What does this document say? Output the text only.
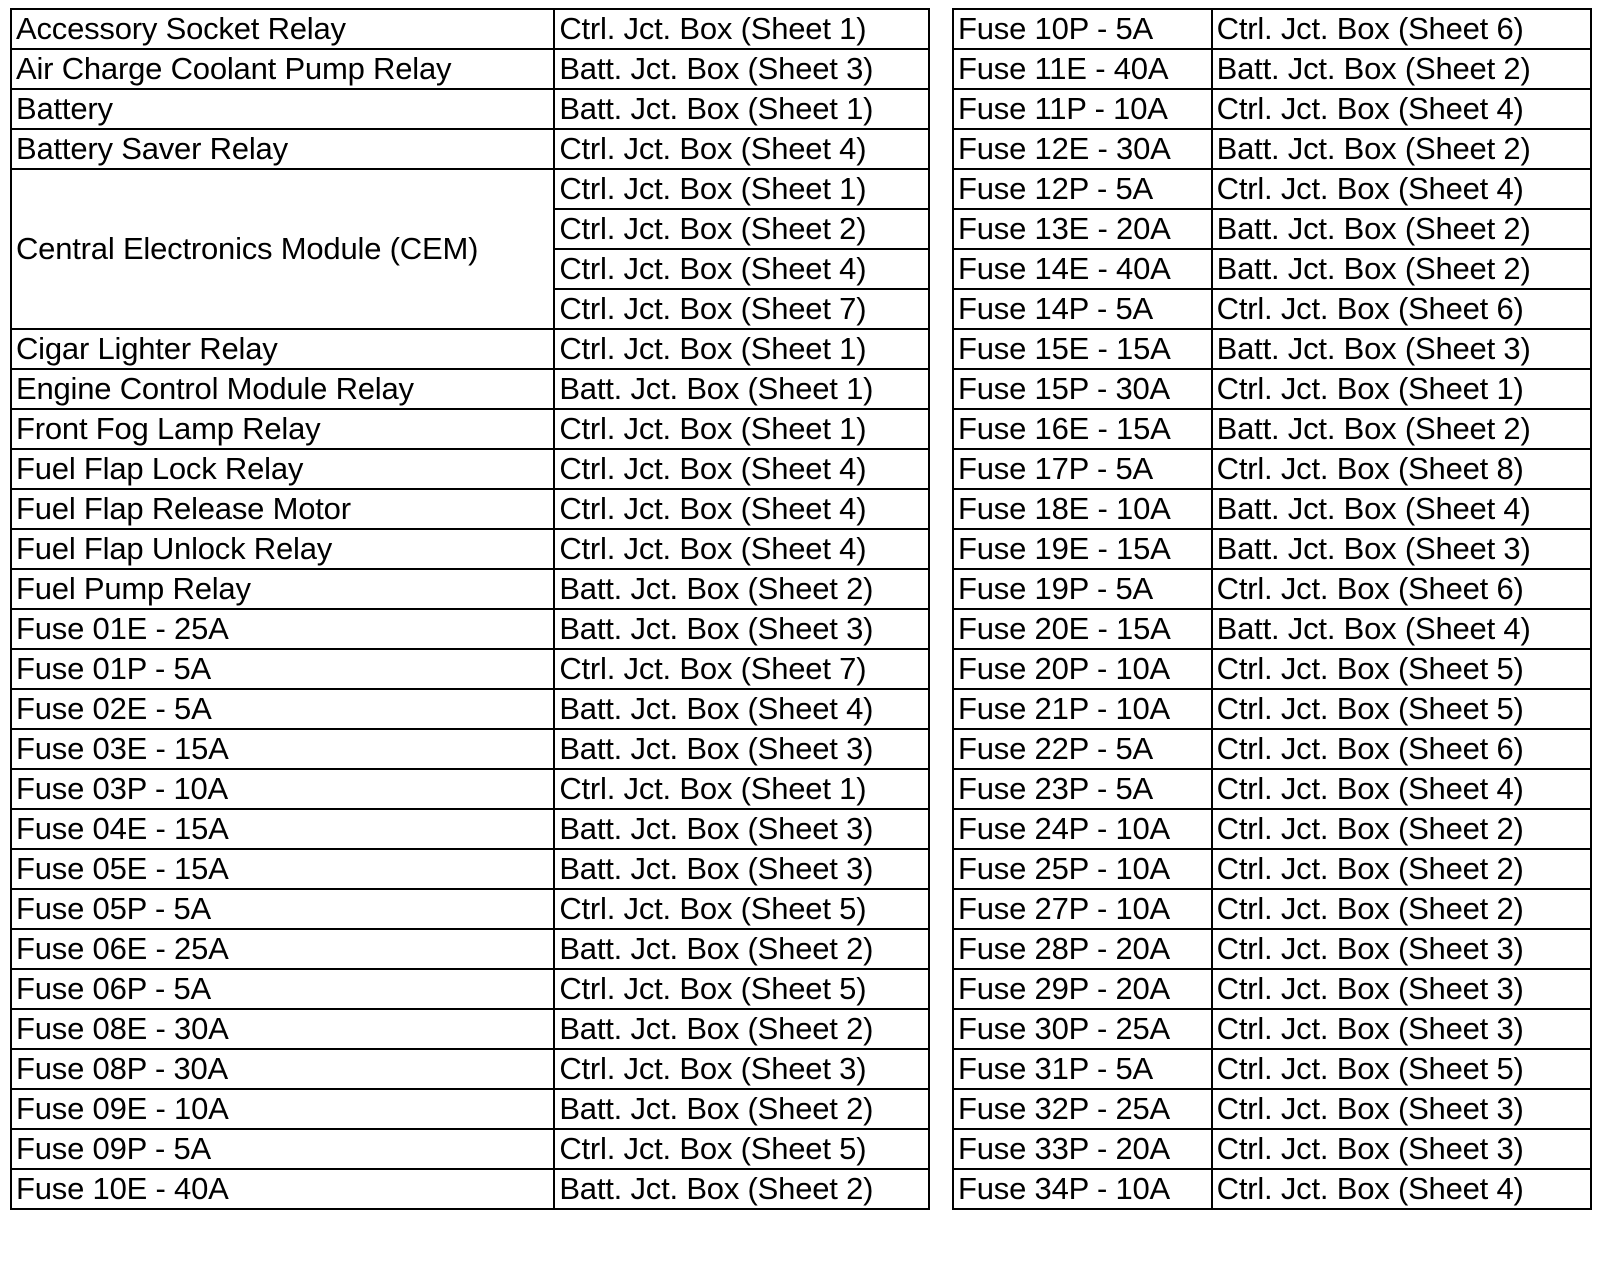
Accessory Socket Relay	Ctrl. Jct. Box (Sheet 1)
Air Charge Coolant Pump Relay	Batt. Jct. Box (Sheet 3)
Battery	Batt. Jct. Box (Sheet 1)
Battery Saver Relay	Ctrl. Jct. Box (Sheet 4)
Central Electronics Module (CEM)	Ctrl. Jct. Box (Sheet 1)
	Ctrl. Jct. Box (Sheet 2)
	Ctrl. Jct. Box (Sheet 4)
	Ctrl. Jct. Box (Sheet 7)
Cigar Lighter Relay	Ctrl. Jct. Box (Sheet 1)
Engine Control Module Relay	Batt. Jct. Box (Sheet 1)
Front Fog Lamp Relay	Ctrl. Jct. Box (Sheet 1)
Fuel Flap Lock Relay	Ctrl. Jct. Box (Sheet 4)
Fuel Flap Release Motor	Ctrl. Jct. Box (Sheet 4)
Fuel Flap Unlock Relay	Ctrl. Jct. Box (Sheet 4)
Fuel Pump Relay	Batt. Jct. Box (Sheet 2)
Fuse 01E - 25A	Batt. Jct. Box (Sheet 3)
Fuse 01P - 5A	Ctrl. Jct. Box (Sheet 7)
Fuse 02E - 5A	Batt. Jct. Box (Sheet 4)
Fuse 03E - 15A	Batt. Jct. Box (Sheet 3)
Fuse 03P - 10A	Ctrl. Jct. Box (Sheet 1)
Fuse 04E - 15A	Batt. Jct. Box (Sheet 3)
Fuse 05E - 15A	Batt. Jct. Box (Sheet 3)
Fuse 05P - 5A	Ctrl. Jct. Box (Sheet 5)
Fuse 06E - 25A	Batt. Jct. Box (Sheet 2)
Fuse 06P - 5A	Ctrl. Jct. Box (Sheet 5)
Fuse 08E - 30A	Batt. Jct. Box (Sheet 2)
Fuse 08P - 30A	Ctrl. Jct. Box (Sheet 3)
Fuse 09E - 10A	Batt. Jct. Box (Sheet 2)
Fuse 09P - 5A	Ctrl. Jct. Box (Sheet 5)
Fuse 10E - 40A	Batt. Jct. Box (Sheet 2)
Fuse 10P - 5A	Ctrl. Jct. Box (Sheet 6)
Fuse 11E - 40A	Batt. Jct. Box (Sheet 2)
Fuse 11P - 10A	Ctrl. Jct. Box (Sheet 4)
Fuse 12E - 30A	Batt. Jct. Box (Sheet 2)
Fuse 12P - 5A	Ctrl. Jct. Box (Sheet 4)
Fuse 13E - 20A	Batt. Jct. Box (Sheet 2)
Fuse 14E - 40A	Batt. Jct. Box (Sheet 2)
Fuse 14P - 5A	Ctrl. Jct. Box (Sheet 6)
Fuse 15E - 15A	Batt. Jct. Box (Sheet 3)
Fuse 15P - 30A	Ctrl. Jct. Box (Sheet 1)
Fuse 16E - 15A	Batt. Jct. Box (Sheet 2)
Fuse 17P - 5A	Ctrl. Jct. Box (Sheet 8)
Fuse 18E - 10A	Batt. Jct. Box (Sheet 4)
Fuse 19E - 15A	Batt. Jct. Box (Sheet 3)
Fuse 19P - 5A	Ctrl. Jct. Box (Sheet 6)
Fuse 20E - 15A	Batt. Jct. Box (Sheet 4)
Fuse 20P - 10A	Ctrl. Jct. Box (Sheet 5)
Fuse 21P - 10A	Ctrl. Jct. Box (Sheet 5)
Fuse 22P - 5A	Ctrl. Jct. Box (Sheet 6)
Fuse 23P - 5A	Ctrl. Jct. Box (Sheet 4)
Fuse 24P - 10A	Ctrl. Jct. Box (Sheet 2)
Fuse 25P - 10A	Ctrl. Jct. Box (Sheet 2)
Fuse 27P - 10A	Ctrl. Jct. Box (Sheet 2)
Fuse 28P - 20A	Ctrl. Jct. Box (Sheet 3)
Fuse 29P - 20A	Ctrl. Jct. Box (Sheet 3)
Fuse 30P - 25A	Ctrl. Jct. Box (Sheet 3)
Fuse 31P - 5A	Ctrl. Jct. Box (Sheet 5)
Fuse 32P - 25A	Ctrl. Jct. Box (Sheet 3)
Fuse 33P - 20A	Ctrl. Jct. Box (Sheet 3)
Fuse 34P - 10A	Ctrl. Jct. Box (Sheet 4)
